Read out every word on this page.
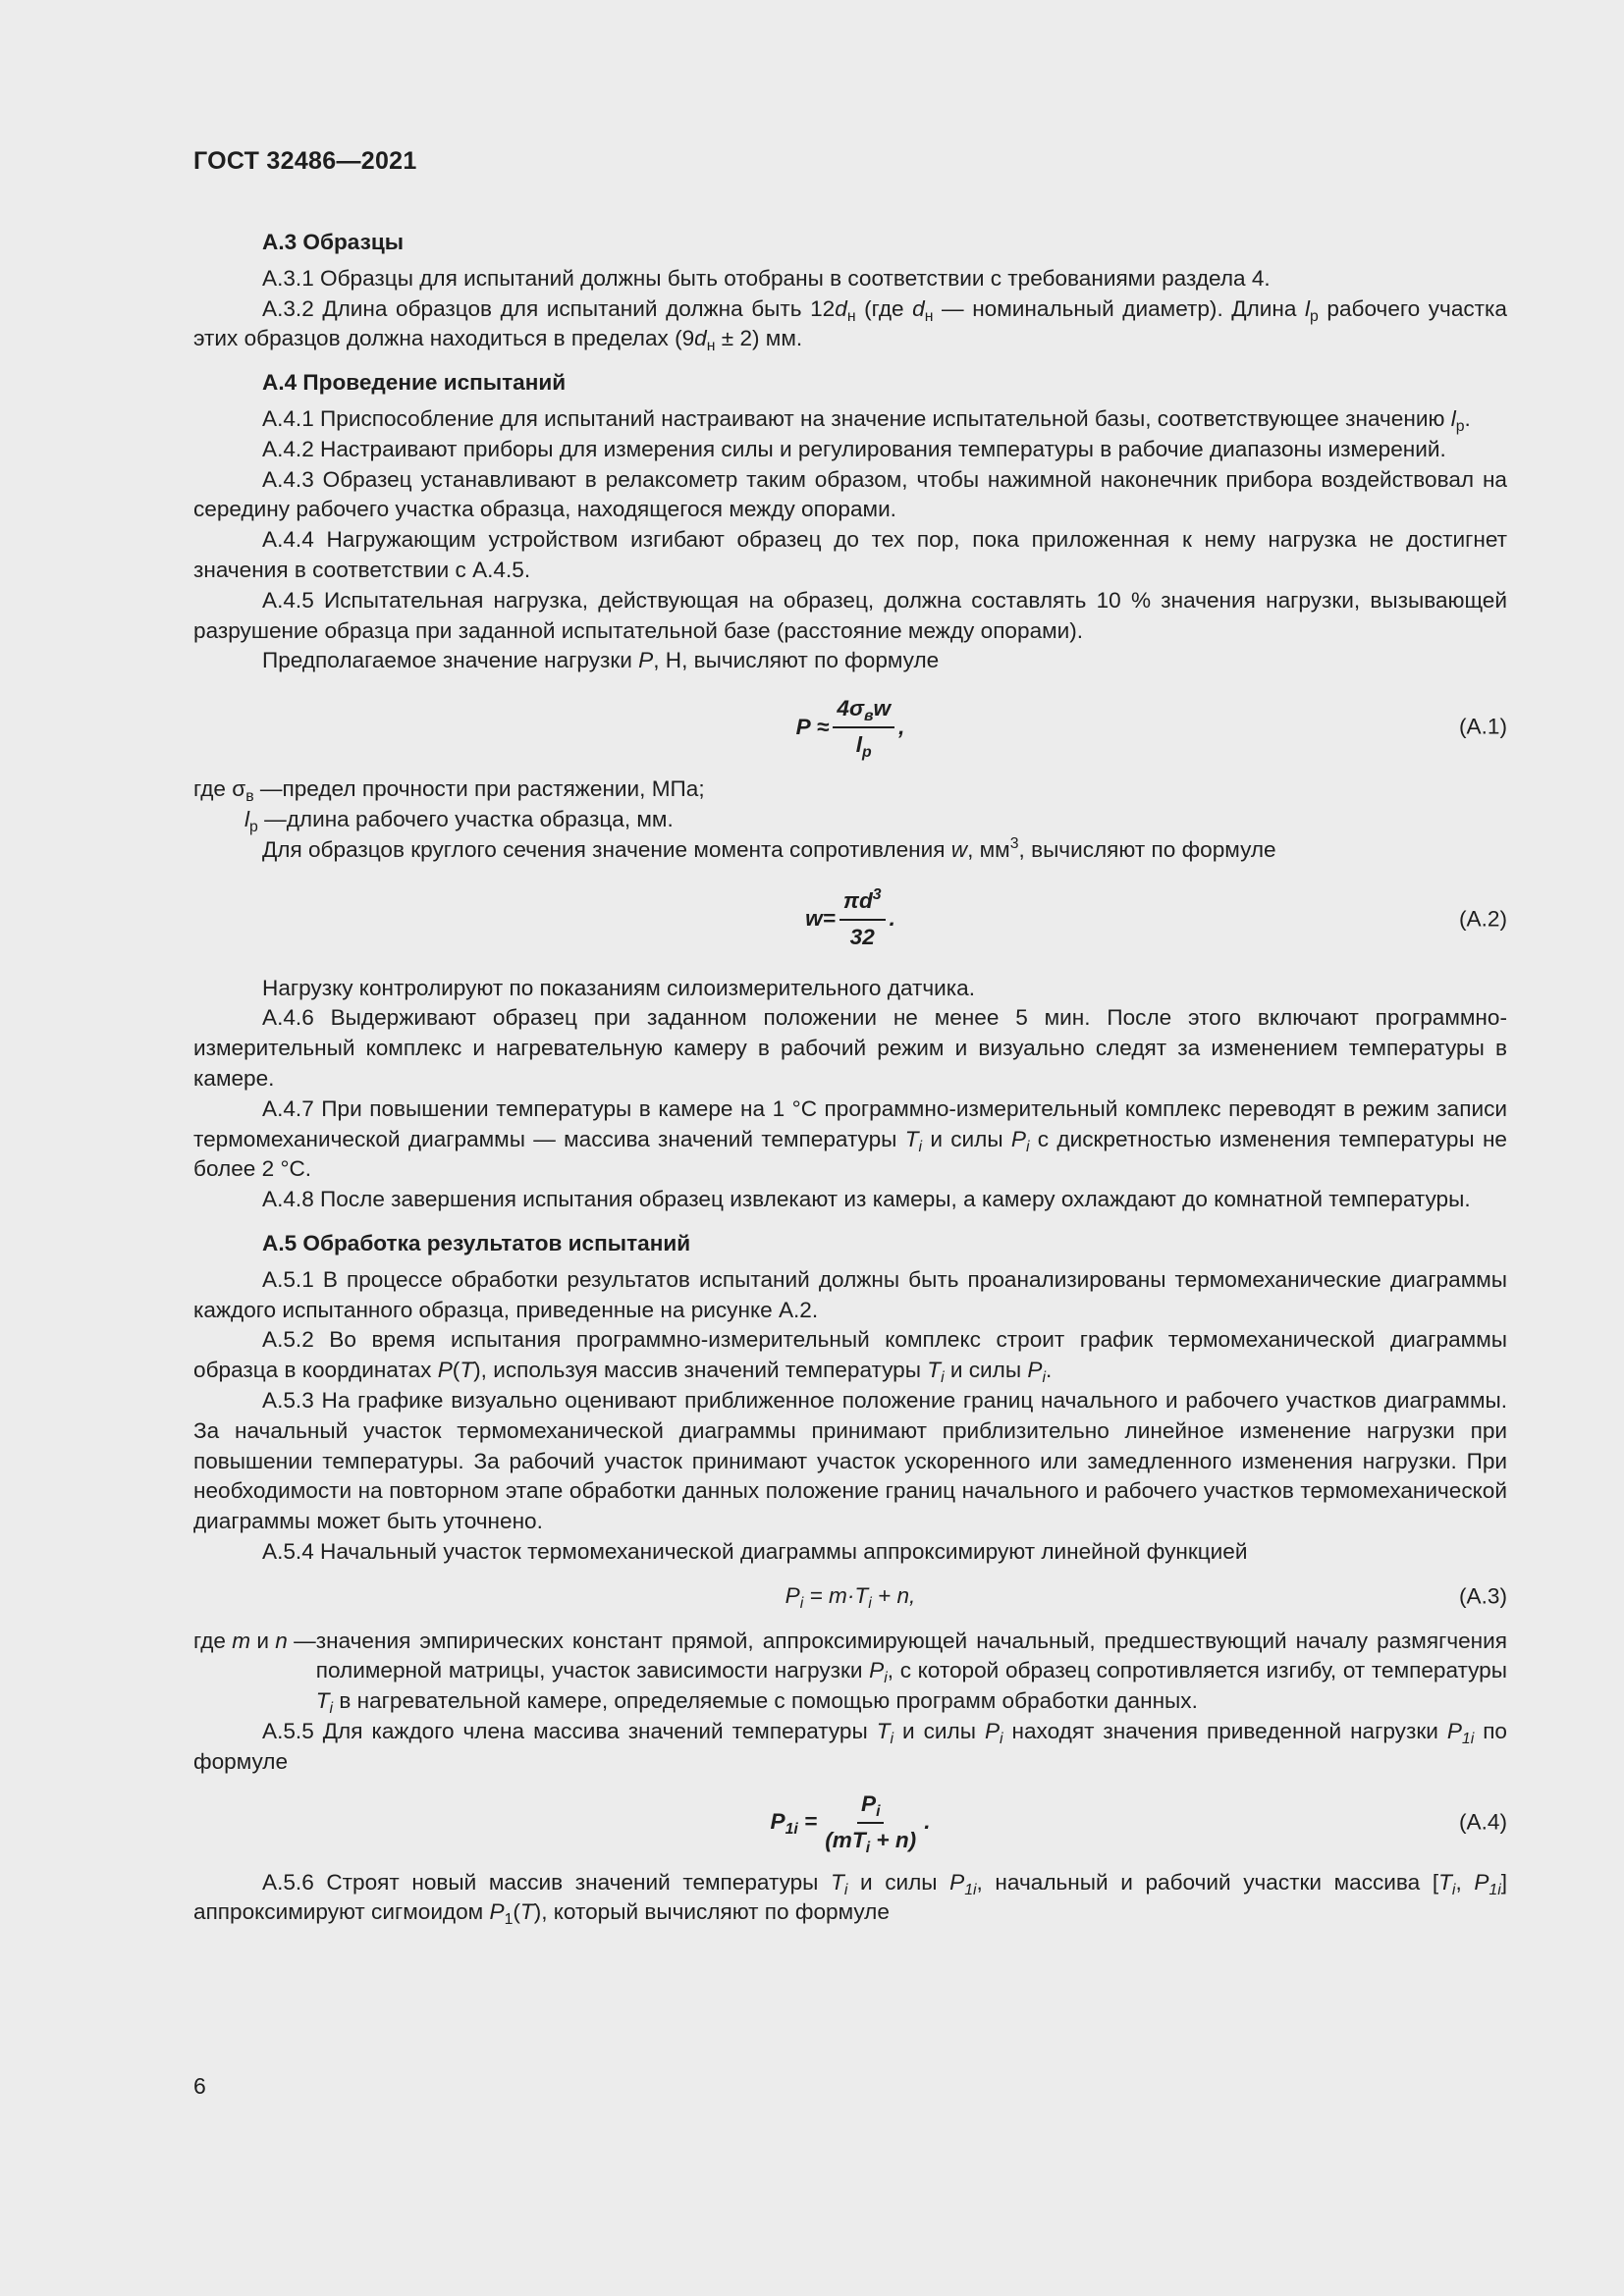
ГОСТ 32486—2021

А.3 Образцы

А.3.1 Образцы для испытаний должны быть отобраны в соответствии с требованиями раздела 4.

А.3.2 Длина образцов для испытаний должна быть $12d_н$ (где $d_н$ — номинальный диаметр). Длина $l_р$ рабочего участка этих образцов должна находиться в пределах $(9d_н \pm 2)$ мм.

А.4 Проведение испытаний

А.4.1 Приспособление для испытаний настраивают на значение испытательной базы, соответствующее значению $l_р$.

А.4.2 Настраивают приборы для измерения силы и регулирования температуры в рабочие диапазоны измерений.

А.4.3 Образец устанавливают в релаксометр таким образом, чтобы нажимной наконечник прибора воздействовал на середину рабочего участка образца, находящегося между опорами.

А.4.4 Нагружающим устройством изгибают образец до тех пор, пока приложенная к нему нагрузка не достигнет значения в соответствии с А.4.5.

А.4.5 Испытательная нагрузка, действующая на образец, должна составлять 10 % значения нагрузки, вызывающей разрушение образца при заданной испытательной базе (расстояние между опорами).

Предполагаемое значение нагрузки P, Н, вычисляют по формуле

P
≈ $\frac{4\sigma_вw}{l_р}$ ,	(А.1)
где $\sigma_в$ — предел прочности при растяжении, МПа;
$l_р$ — длина рабочего участка образца, мм.

Для образцов круглого сечения значение момента сопротивления w, $мм^3$, вычисляют по формуле

$w = \frac{\pi d^3}{32}$ .	(А.2)

Нагрузку контролируют по показаниям силоизмерительного датчика.

А.4.6 Выдерживают образец при заданном положении не менее 5 мин. После этого включают программно-измерительный комплекс и нагревательную камеру в рабочий режим и визуально следят за изменением температуры в камере.

А.4.7 При повышении температуры в камере на 1 °С программно-измерительный комплекс переводят в режим записи термомеханической диаграммы — массива значений температуры $T_i$ и силы $P_i$ с дискретностью изменения температуры не более 2 °С.

А.4.8 После завершения испытания образец извлекают из камеры, а камеру охлаждают до комнатной температуры.

А.5 Обработка результатов испытаний

А.5.1 В процессе обработки результатов испытаний должны быть проанализированы термомеханические диаграммы каждого испытанного образца, приведенные на рисунке А.2.

А.5.2 Во время испытания программно-измерительный комплекс строит график термомеханической диаграммы образца в координатах P(T), используя массив значений температуры $T_i$ и силы $P_i$.

А.5.3 На графике визуально оценивают приближенное положение границ начального и рабочего участков диаграммы. За начальный участок термомеханической диаграммы принимают приблизительно линейное изменение нагрузки при повышении температуры. За рабочий участок принимают участок ускоренного или замедленного изменения нагрузки. При необходимости на повторном этапе обработки данных положение границ начального и рабочего участков термомеханической диаграммы может быть уточнено.

А.5.4 Начальный участок термомеханической диаграммы аппроксимируют линейной функцией

$P_i = m\cdot T_i + n$,	(А.3)
где m и n — значения эмпирических констант прямой, аппроксимирующей начальный, предшествующий началу размягчения полимерной матрицы, участок зависимости нагрузки $P_i$, с которой образец сопротивляется изгибу, от температуры $T_i$ в нагревательной камере, определяемые с помощью программ обработки данных.

А.5.5 Для каждого члена массива значений температуры $T_i$ и силы $P_i$ находят значения приведенной нагрузки $P_{1i}$ по формуле

$P_{1i} = \frac{P_i}{(mT_i + n)}$ .	(А.4)

А.5.6 Строят новый массив значений температуры $T_i$ и силы $P_{1i}$, начальный и рабочий участки массива [$T_i$, $P_{1i}$] аппроксимируют сигмоидом $P_1(T)$, который вычисляют по формуле

6
